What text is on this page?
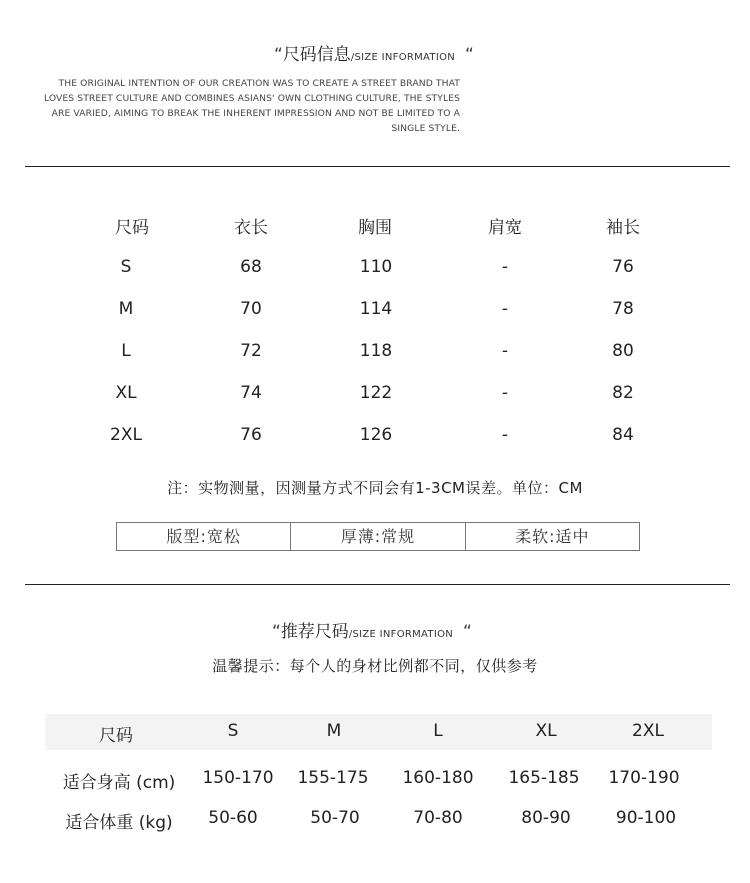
“尺码信息/SIZE INFORMATION “
THE ORIGINAL INTENTION OF OUR CREATION WAS TO CREATE A STREET BRAND THAT LOVES STREET CULTURE AND COMBINES ASIANS' OWN CLOTHING CULTURE, THE STYLES ARE VARIED, AIMING TO BREAK THE INHERENT IMPRESSION AND NOT BE LIMITED TO A SINGLE STYLE.
尺码	衣长	胸围	肩宽	袖长
S	68	110	-	76
M	70	114	-	78
L	72	118	-	80
XL	74	122	-	82
2XL	76	126	-	84
注：实物测量，因测量方式不同会有1-3CM误差。单位：CM
版型:宽松	厚薄:常规	柔软:适中
“推荐尺码/SIZE INFORMATION “
温馨提示：每个人的身材比例都不同，仅供参考
尺码	S	M	L	XL	2XL
适合身高 (cm)	150-170	155-175	160-180	165-185	170-190
适合体重 (kg)	50-60	50-70	70-80	80-90	90-100
